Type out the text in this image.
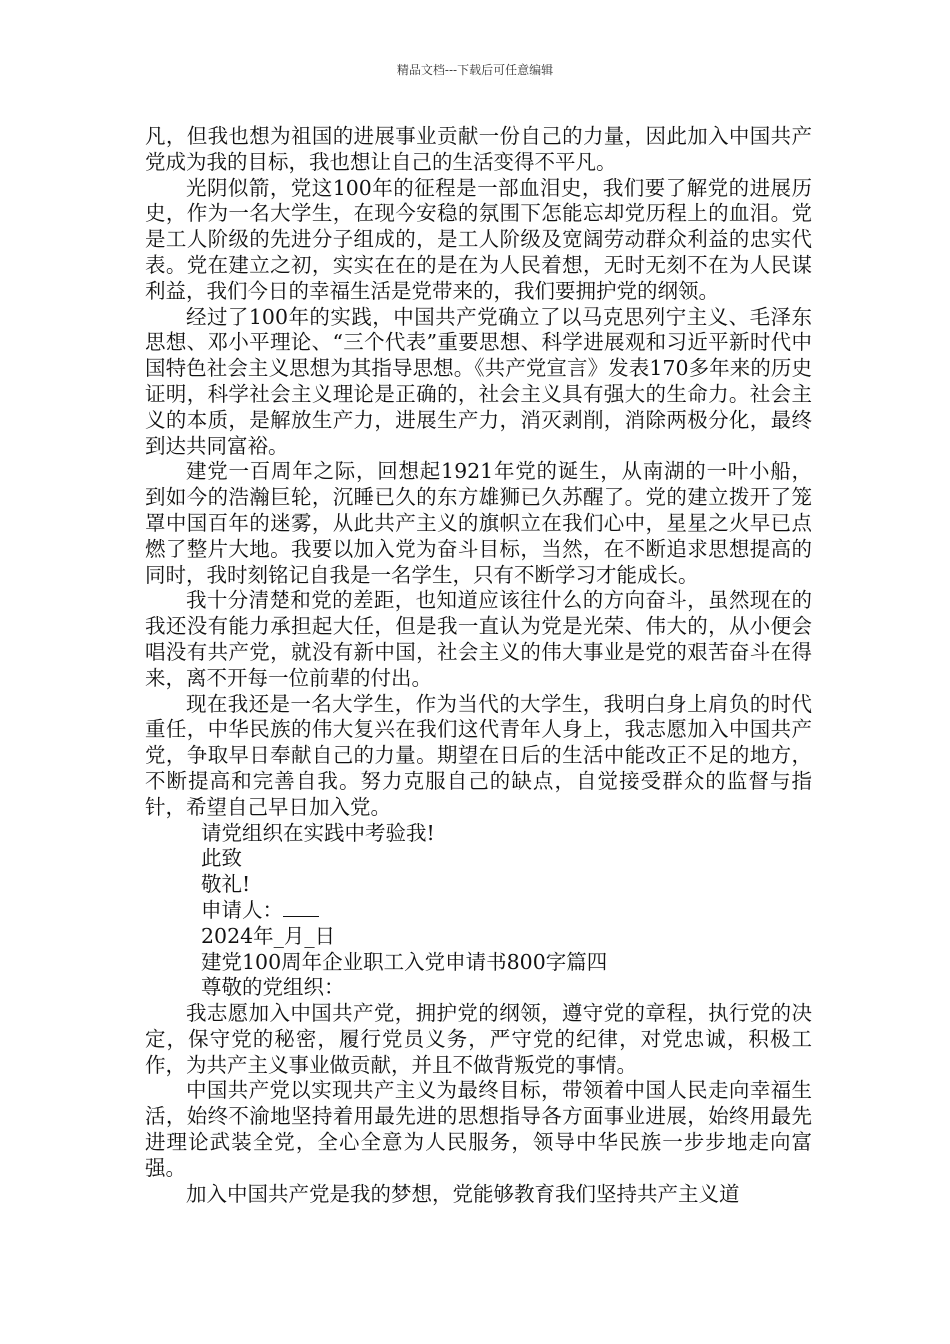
精品文档---下载后可任意编辑

凡，但我也想为祖国的进展事业贡献一份自己的力量，因此加入中国共产党成为我的目标，我也想让自己的生活变得不平凡。

光阴似箭，党这100年的征程是一部血泪史，我们要了解党的进展历史，作为一名大学生，在现今安稳的氛围下怎能忘却党历程上的血泪。党是工人阶级的先进分子组成的，是工人阶级及宽阔劳动群众利益的忠实代表。党在建立之初，实实在在的是在为人民着想，无时无刻不在为人民谋利益，我们今日的幸福生活是党带来的，我们要拥护党的纲领。

经过了100年的实践，中国共产党确立了以马克思列宁主义、毛泽东思想、邓小平理论、“三个代表”重要思想、科学进展观和习近平新时代中国特色社会主义思想为其指导思想。《共产党宣言》发表170多年来的历史证明，科学社会主义理论是正确的，社会主义具有强大的生命力。社会主义的本质，是解放生产力，进展生产力，消灭剥削，消除两极分化，最终到达共同富裕。

建党一百周年之际，回想起1921年党的诞生，从南湖的一叶小船，到如今的浩瀚巨轮，沉睡已久的东方雄狮已久苏醒了。党的建立拨开了笼罩中国百年的迷雾，从此共产主义的旗帜立在我们心中，星星之火早已点燃了整片大地。我要以加入党为奋斗目标，当然，在不断追求思想提高的同时，我时刻铭记自我是一名学生，只有不断学习才能成长。

我十分清楚和党的差距，也知道应该往什么的方向奋斗，虽然现在的我还没有能力承担起大任，但是我一直认为党是光荣、伟大的，从小便会唱没有共产党，就没有新中国，社会主义的伟大事业是党的艰苦奋斗在得来，离不开每一位前辈的付出。

现在我还是一名大学生，作为当代的大学生，我明白身上肩负的时代重任，中华民族的伟大复兴在我们这代青年人身上，我志愿加入中国共产党，争取早日奉献自己的力量。期望在日后的生活中能改正不足的地方，不断提高和完善自我。努力克服自己的缺点，自觉接受群众的监督与指针，希望自己早日加入党。

请党组织在实践中考验我!

此致

敬礼!

申请人：

2024年_月_日

建党100周年企业职工入党申请书800字篇四

尊敬的党组织：

我志愿加入中国共产党，拥护党的纲领，遵守党的章程，执行党的决定，保守党的秘密，履行党员义务，严守党的纪律，对党忠诚，积极工作，为共产主义事业做贡献，并且不做背叛党的事情。

中国共产党以实现共产主义为最终目标，带领着中国人民走向幸福生活，始终不渝地坚持着用最先进的思想指导各方面事业进展，始终用最先进理论武装全党，全心全意为人民服务，领导中华民族一步步地走向富强。

加入中国共产党是我的梦想，党能够教育我们坚持共产主义道
